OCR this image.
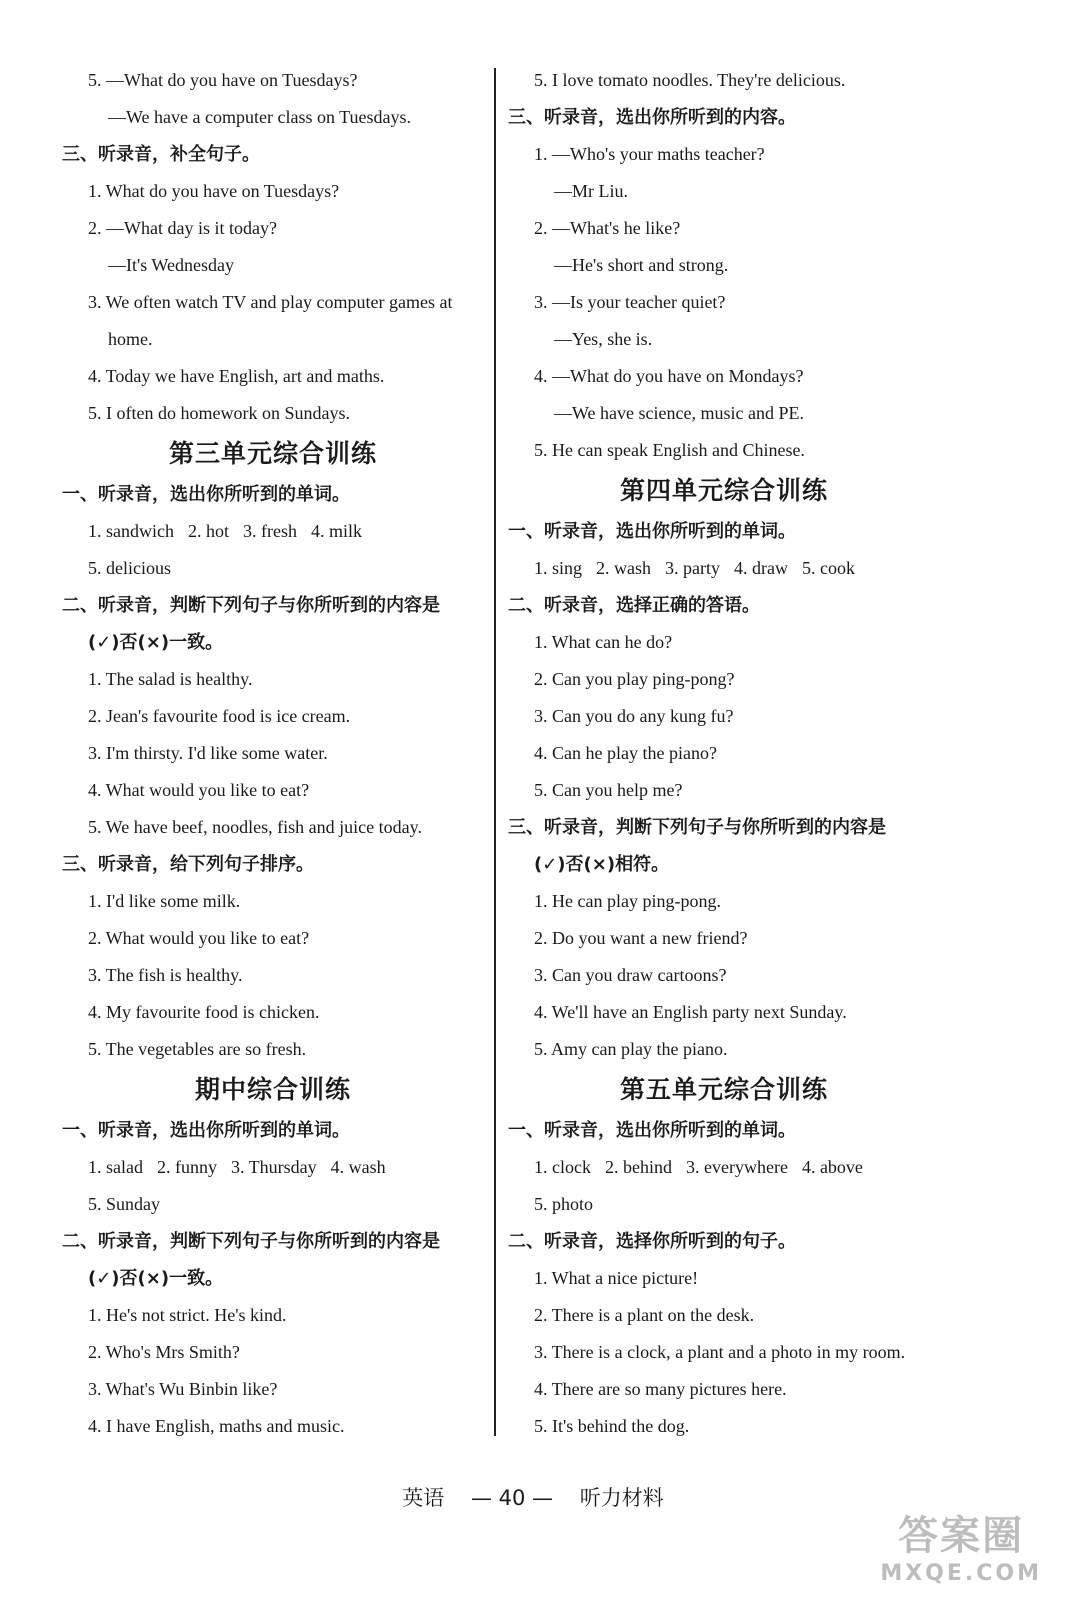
5. —What do you have on Tuesdays?
—We have a computer class on Tuesdays.
三、听录音，补全句子。
1. What do you have on Tuesdays?
2. —What day is it today?
—It's Wednesday
3. We often watch TV and play computer games at
home.
4. Today we have English, art and maths.
5. I often do homework on Sundays.
第三单元综合训练
一、听录音，选出你所听到的单词。
1. sandwich 2. hot 3. fresh 4. milk
5. delicious
二、听录音，判断下列句子与你所听到的内容是
(✓)否(×)一致。
1. The salad is healthy.
2. Jean's favourite food is ice cream.
3. I'm thirsty. I'd like some water.
4. What would you like to eat?
5. We have beef, noodles, fish and juice today.
三、听录音，给下列句子排序。
1. I'd like some milk.
2. What would you like to eat?
3. The fish is healthy.
4. My favourite food is chicken.
5. The vegetables are so fresh.
期中综合训练
一、听录音，选出你所听到的单词。
1. salad 2. funny 3. Thursday 4. wash
5. Sunday
二、听录音，判断下列句子与你所听到的内容是
(✓)否(×)一致。
1. He's not strict. He's kind.
2. Who's Mrs Smith?
3. What's Wu Binbin like?
4. I have English, maths and music.
5. I love tomato noodles. They're delicious.
三、听录音，选出你所听到的内容。
1. —Who's your maths teacher?
—Mr Liu.
2. —What's he like?
—He's short and strong.
3. —Is your teacher quiet?
—Yes, she is.
4. —What do you have on Mondays?
—We have science, music and PE.
5. He can speak English and Chinese.
第四单元综合训练
一、听录音，选出你所听到的单词。
1. sing 2. wash 3. party 4. draw 5. cook
二、听录音，选择正确的答语。
1. What can he do?
2. Can you play ping-pong?
3. Can you do any kung fu?
4. Can he play the piano?
5. Can you help me?
三、听录音，判断下列句子与你所听到的内容是
(✓)否(×)相符。
1. He can play ping-pong.
2. Do you want a new friend?
3. Can you draw cartoons?
4. We'll have an English party next Sunday.
5. Amy can play the piano.
第五单元综合训练
一、听录音，选出你所听到的单词。
1. clock 2. behind 3. everywhere 4. above
5. photo
二、听录音，选择你所听到的句子。
1. What a nice picture!
2. There is a plant on the desk.
3. There is a clock, a plant and a photo in my room.
4. There are so many pictures here.
5. It's behind the dog.
英语 — 40 — 听力材料
答案圈
MXQE.COM
